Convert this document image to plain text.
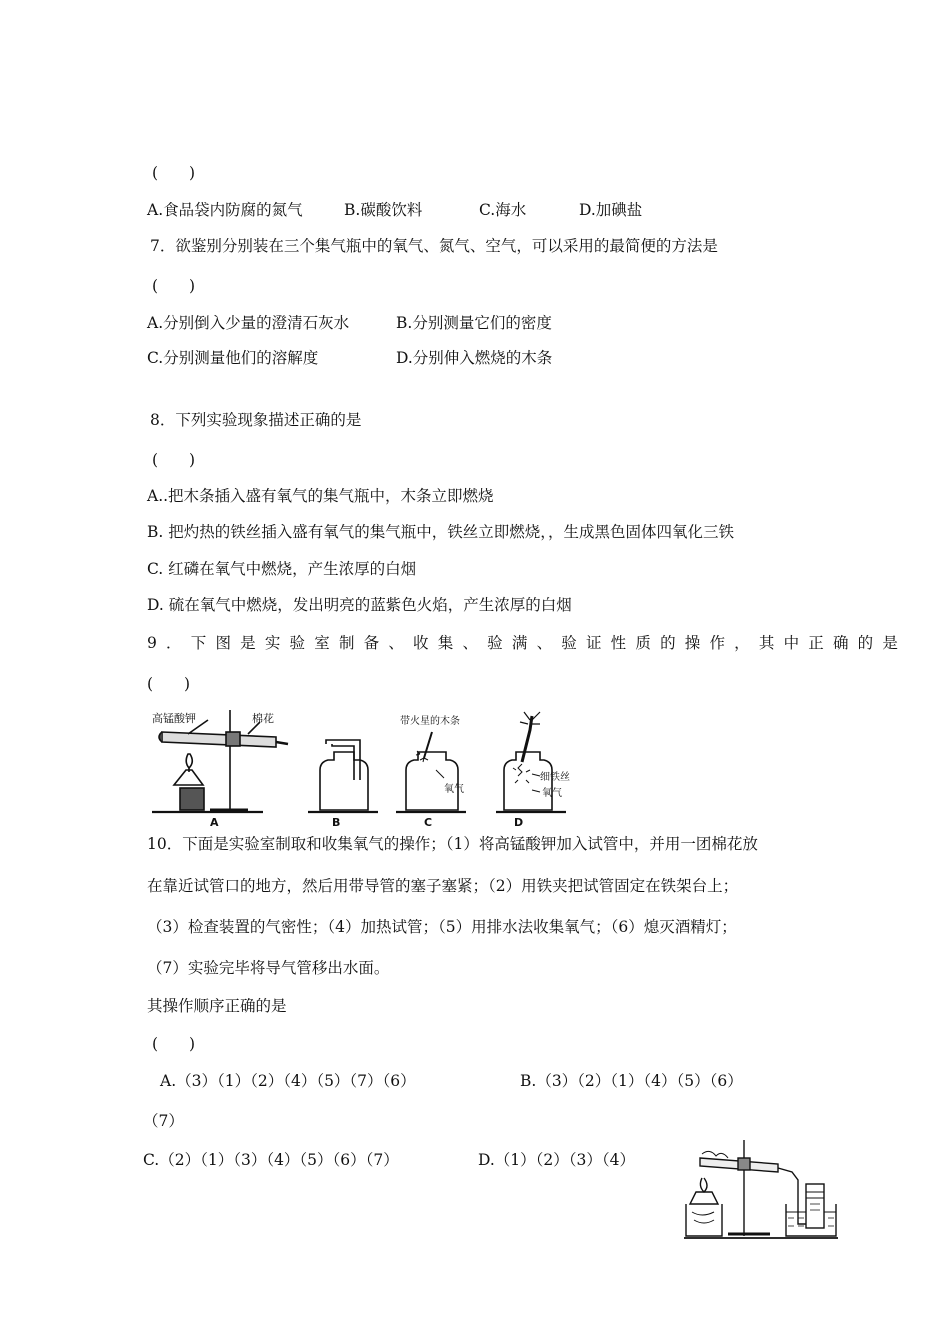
(　　)
A.食品袋内防腐的氮气	B.碳酸饮料	C.海水	D.加碘盐
7．欲鉴别分别装在三个集气瓶中的氧气、氮气、空气，可以采用的最简便的方法是
(　　)
A.分别倒入少量的澄清石灰水	B.分别测量它们的密度
C.分别测量他们的溶解度	D.分别伸入燃烧的木条
8．下列实验现象描述正确的是
(　　)
A..把木条插入盛有氧气的集气瓶中，木条立即燃烧
B. 把灼热的铁丝插入盛有氧气的集气瓶中，铁丝立即燃烧，，生成黑色固体四氧化三铁
C. 红磷在氧气中燃烧，产生浓厚的白烟
D. 硫在氧气中燃烧，发出明亮的蓝紫色火焰，产生浓厚的白烟
9．下图是实验室制备、收集、验满、验证性质的操作，其中正确的是
(　　)
高锰酸钾	棉花
A	B
带火星的木条
氧气
C
细铁丝
氧气
D
10．下面是实验室制取和收集氧气的操作；（1）将高锰酸钾加入试管中，并用一团棉花放
在靠近试管口的地方，然后用带导管的塞子塞紧；（2）用铁夹把试管固定在铁架台上；
（3）检查装置的气密性；（4）加热试管；（5）用排水法收集氧气；（6）熄灭酒精灯；
（7）实验完毕将导气管移出水面。
其操作顺序正确的是
(　　)
A.（3）（1）（2）（4）（5）（7）（6）	B.（3）（2）（1）（4）（5）（6）
（7）
C.（2）（1）（3）（4）（5）（6）（7）	D.（1）（2）（3）（4）
